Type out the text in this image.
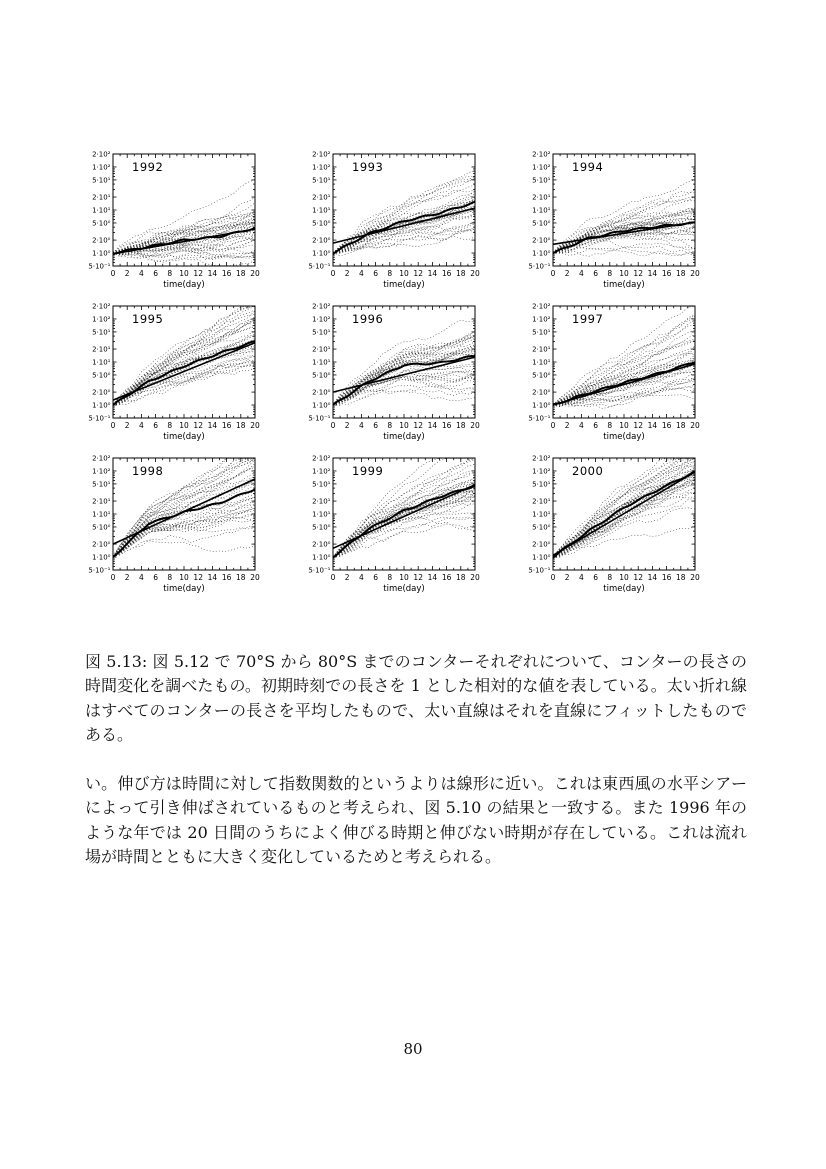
2·10²
1·10²
5·10¹
2·10¹
1·10¹
5·10⁰
2·10⁰
1·10⁰
5·10⁻¹
0 2 4 6 8 10 12 14 16 18 20
time(day)
1992
2·10²
1·10²
5·10¹
2·10¹
1·10¹
5·10⁰
2·10⁰
1·10⁰
5·10⁻¹
0 2 4 6 8 10 12 14 16 18 20
time(day)
1993
2·10²
1·10²
5·10¹
2·10¹
1·10¹
5·10⁰
2·10⁰
1·10⁰
5·10⁻¹
0 2 4 6 8 10 12 14 16 18 20
time(day)
1994
2·10²
1·10²
5·10¹
2·10¹
1·10¹
5·10⁰
2·10⁰
1·10⁰
5·10⁻¹
0 2 4 6 8 10 12 14 16 18 20
time(day)
1995
2·10²
1·10²
5·10¹
2·10¹
1·10¹
5·10⁰
2·10⁰
1·10⁰
5·10⁻¹
0 2 4 6 8 10 12 14 16 18 20
time(day)
1996
2·10²
1·10²
5·10¹
2·10¹
1·10¹
5·10⁰
2·10⁰
1·10⁰
5·10⁻¹
0 2 4 6 8 10 12 14 16 18 20
time(day)
1997
2·10²
1·10²
5·10¹
2·10¹
1·10¹
5·10⁰
2·10⁰
1·10⁰
5·10⁻¹
0 2 4 6 8 10 12 14 16 18 20
time(day)
1998
2·10²
1·10²
5·10¹
2·10¹
1·10¹
5·10⁰
2·10⁰
1·10⁰
5·10⁻¹
0 2 4 6 8 10 12 14 16 18 20
time(day)
1999
2·10²
1·10²
5·10¹
2·10¹
1·10¹
5·10⁰
2·10⁰
1·10⁰
5·10⁻¹
0 2 4 6 8 10 12 14 16 18 20
time(day)
2000
図 5.13: 図 5.12 で 70°S から 80°S までのコンターそれぞれについて、コンターの長さの時間変化を調べたもの。初期時刻での長さを 1 とした相対的な値を表している。太い折れ線はすべてのコンターの長さを平均したもので、太い直線はそれを直線にフィットしたものである。
い。伸び方は時間に対して指数関数的というよりは線形に近い。これは東西風の水平シアーによって引き伸ばされているものと考えられ、図 5.10 の結果と一致する。また 1996 年のような年では 20 日間のうちによく伸びる時期と伸びない時期が存在している。これは流れ場が時間とともに大きく変化しているためと考えられる。
80
